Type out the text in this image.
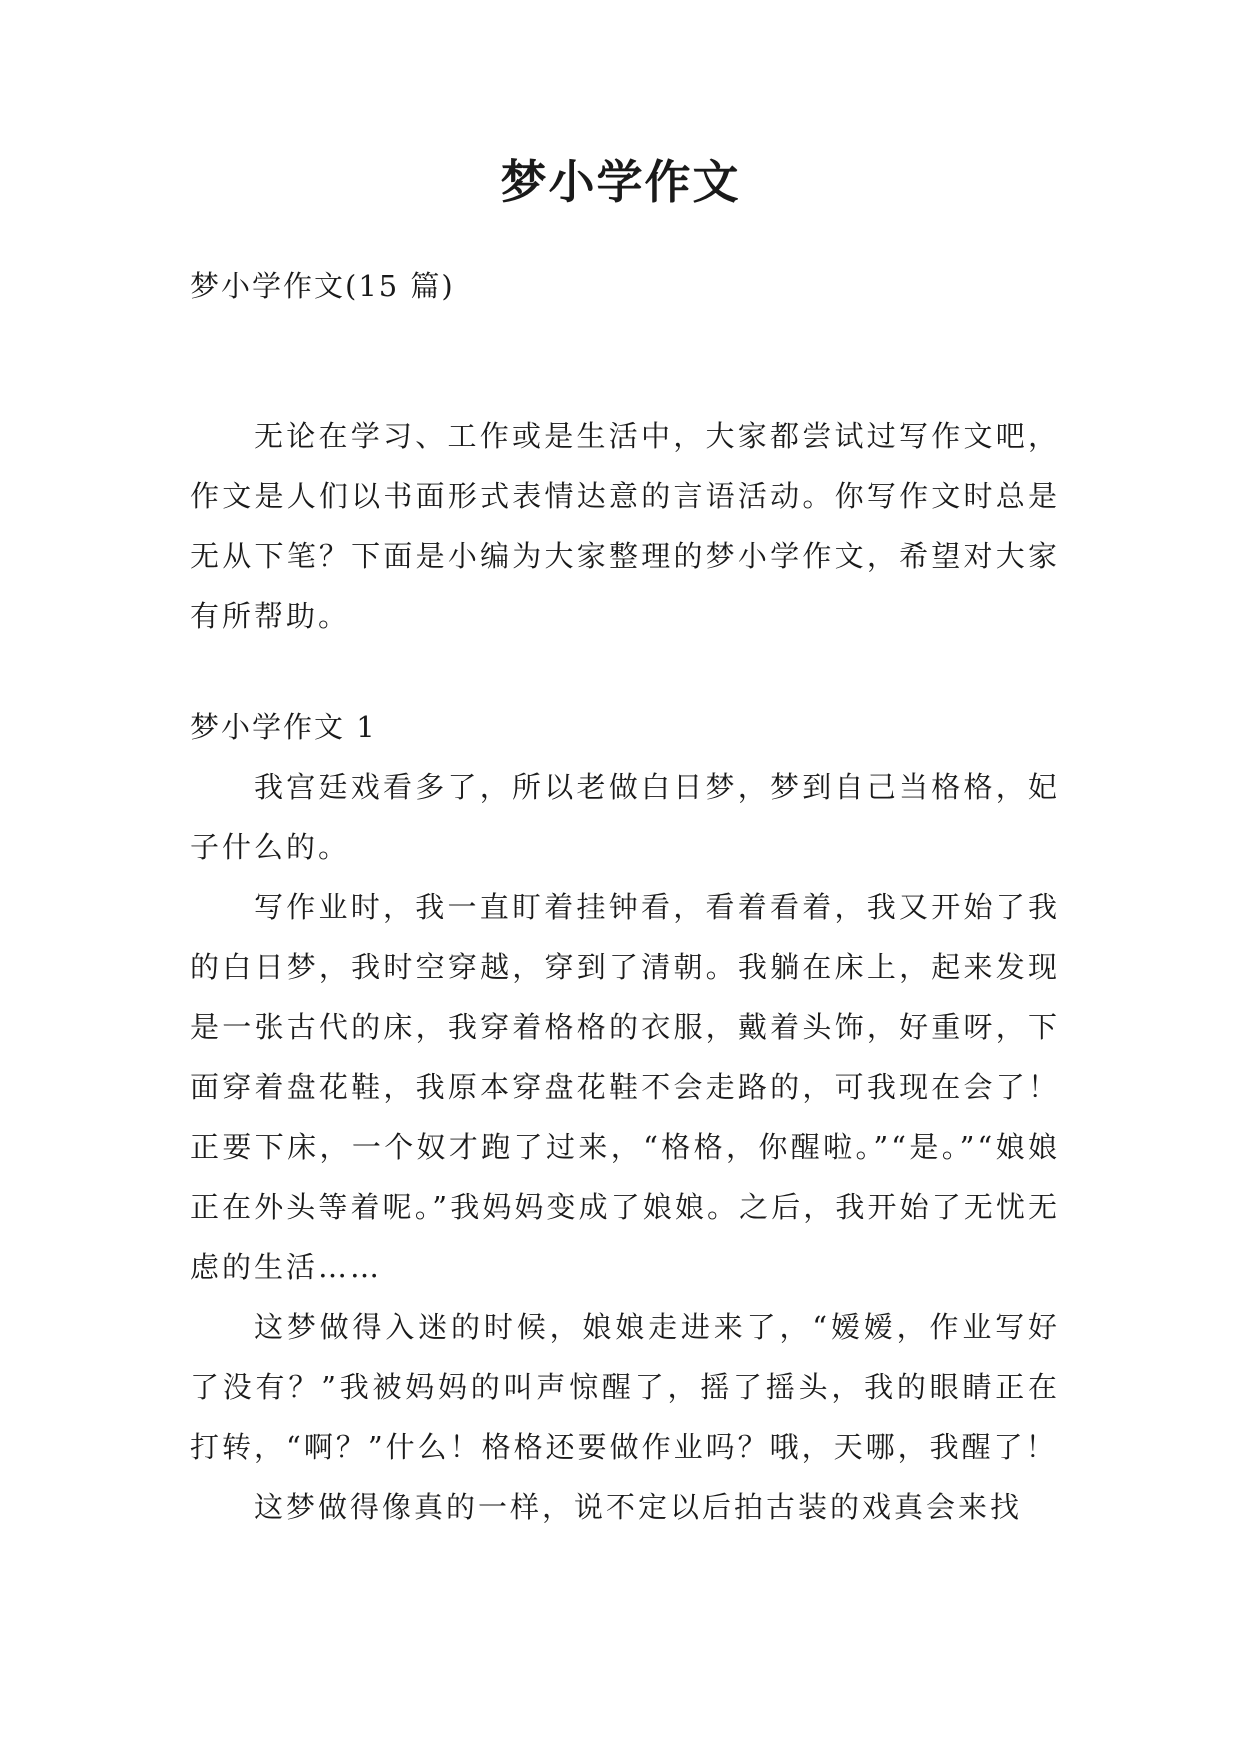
梦小学作文

梦小学作文(15 篇)

无论在学习、工作或是生活中，大家都尝试过写作文吧，作文是人们以书面形式表情达意的言语活动。你写作文时总是无从下笔？下面是小编为大家整理的梦小学作文，希望对大家有所帮助。

梦小学作文 1

我宫廷戏看多了，所以老做白日梦，梦到自己当格格，妃子什么的。

写作业时，我一直盯着挂钟看，看着看着，我又开始了我的白日梦，我时空穿越，穿到了清朝。我躺在床上，起来发现是一张古代的床，我穿着格格的衣服，戴着头饰，好重呀，下面穿着盘花鞋，我原本穿盘花鞋不会走路的，可我现在会了！正要下床，一个奴才跑了过来，“格格，你醒啦。”“是。”“娘娘正在外头等着呢。”我妈妈变成了娘娘。之后，我开始了无忧无虑的生活……

这梦做得入迷的时候，娘娘走进来了，“嫒嫒，作业写好了没有？”我被妈妈的叫声惊醒了，摇了摇头，我的眼睛正在打转，“啊？”什么！格格还要做作业吗？哦，天哪，我醒了！

这梦做得像真的一样，说不定以后拍古装的戏真会来找
